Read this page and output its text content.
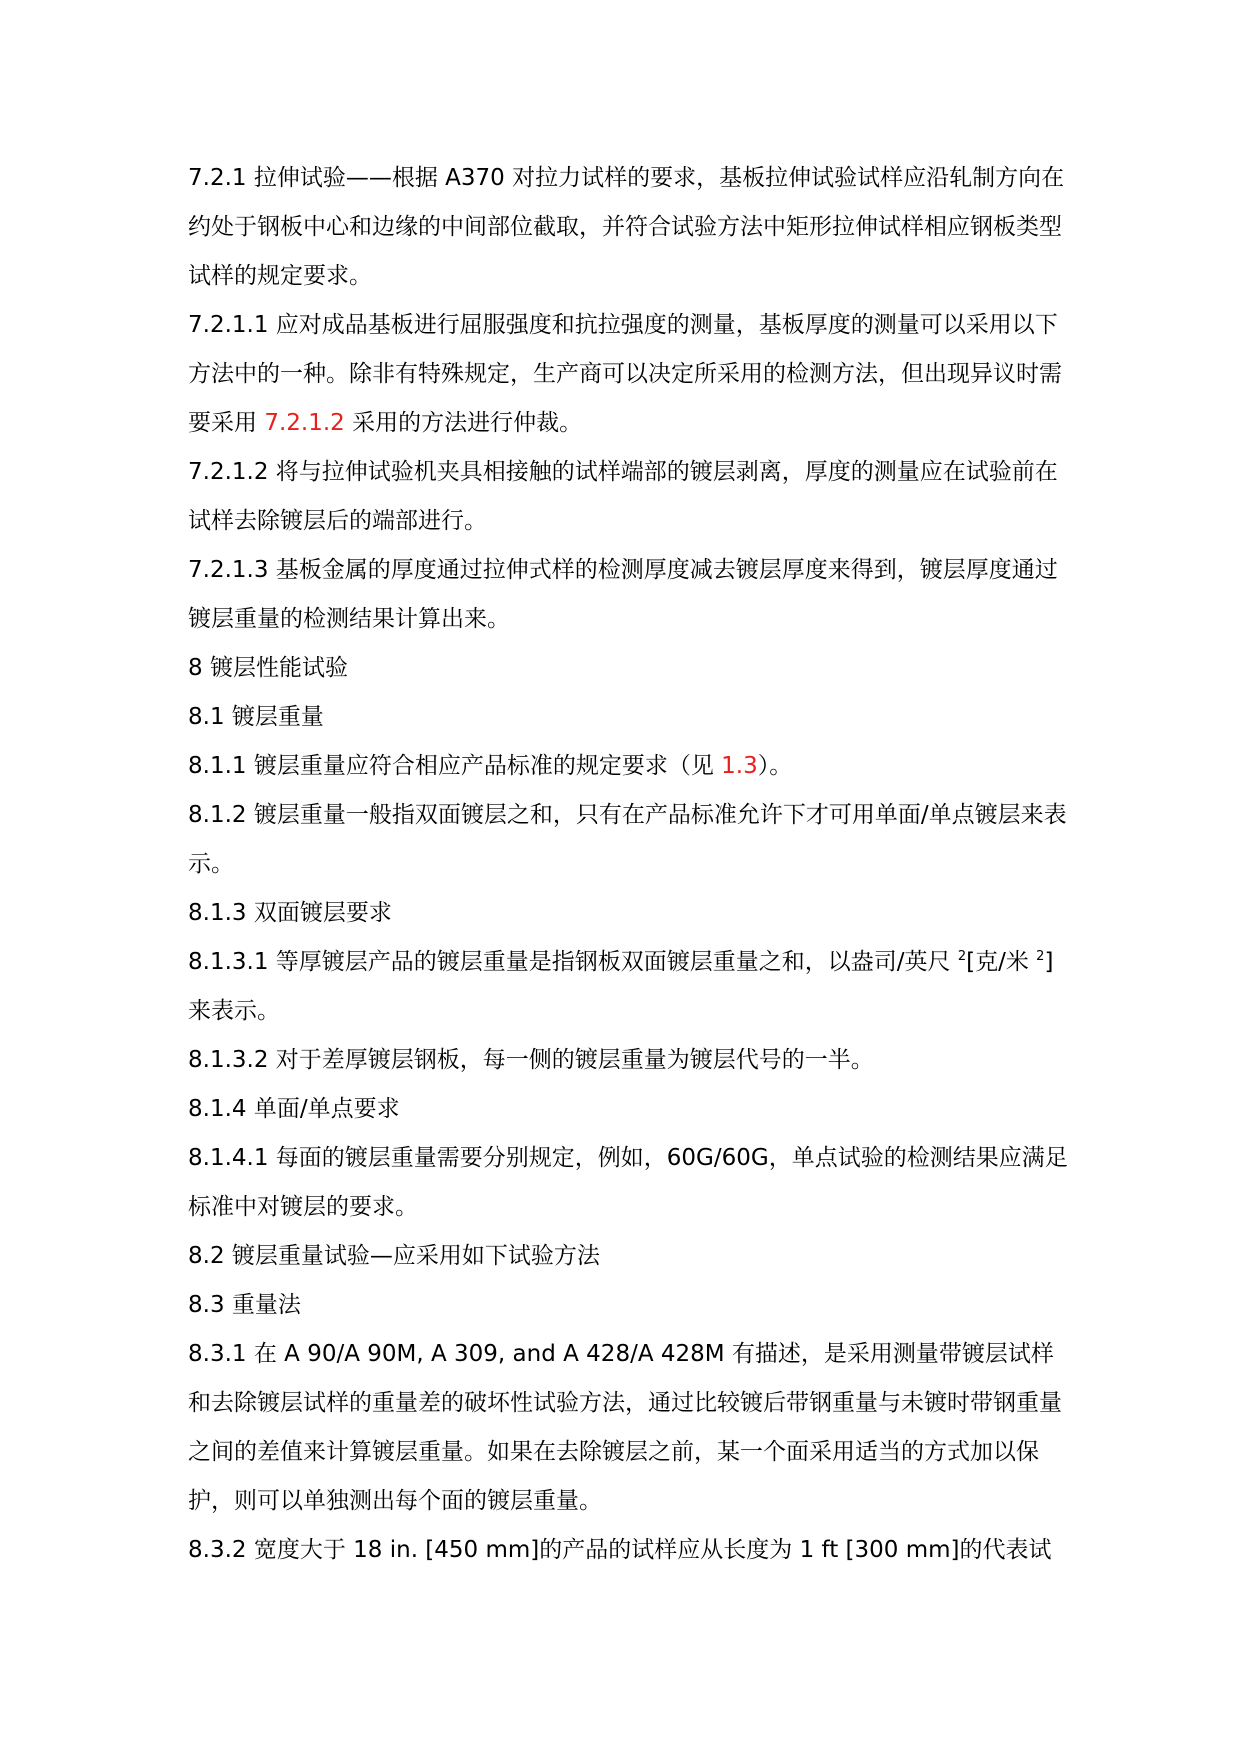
7.2.1 拉伸试验——根据 A370 对拉力试样的要求，基板拉伸试验试样应沿轧制方向在约处于钢板中心和边缘的中间部位截取，并符合试验方法中矩形拉伸试样相应钢板类型试样的规定要求。

7.2.1.1 应对成品基板进行屈服强度和抗拉强度的测量，基板厚度的测量可以采用以下方法中的一种。除非有特殊规定，生产商可以决定所采用的检测方法，但出现异议时需要采用 7.2.1.2 采用的方法进行仲裁。

7.2.1.2 将与拉伸试验机夹具相接触的试样端部的镀层剥离，厚度的测量应在试验前在试样去除镀层后的端部进行。

7.2.1.3 基板金属的厚度通过拉伸式样的检测厚度减去镀层厚度来得到，镀层厚度通过镀层重量的检测结果计算出来。

8 镀层性能试验

8.1 镀层重量

8.1.1 镀层重量应符合相应产品标准的规定要求（见 1.3）。

8.1.2 镀层重量一般指双面镀层之和，只有在产品标准允许下才可用单面/单点镀层来表示。

8.1.3 双面镀层要求

8.1.3.1 等厚镀层产品的镀层重量是指钢板双面镀层重量之和，以盎司/英尺 $^2$[克/米 $^2$]来表示。

8.1.3.2 对于差厚镀层钢板，每一侧的镀层重量为镀层代号的一半。

8.1.4 单面/单点要求

8.1.4.1 每面的镀层重量需要分别规定，例如，60G/60G，单点试验的检测结果应满足标准中对镀层的要求。

8.2 镀层重量试验—应采用如下试验方法

8.3 重量法

8.3.1 在 A 90/A 90M, A 309, and A 428/A 428M 有描述，是采用测量带镀层试样和去除镀层试样的重量差的破坏性试验方法，通过比较镀后带钢重量与未镀时带钢重量之间的差值来计算镀层重量。如果在去除镀层之前，某一个面采用适当的方式加以保护，则可以单独测出每个面的镀层重量。

8.3.2 宽度大于 18 in. [450 mm]的产品的试样应从长度为 1 ft [300 mm]的代表试
